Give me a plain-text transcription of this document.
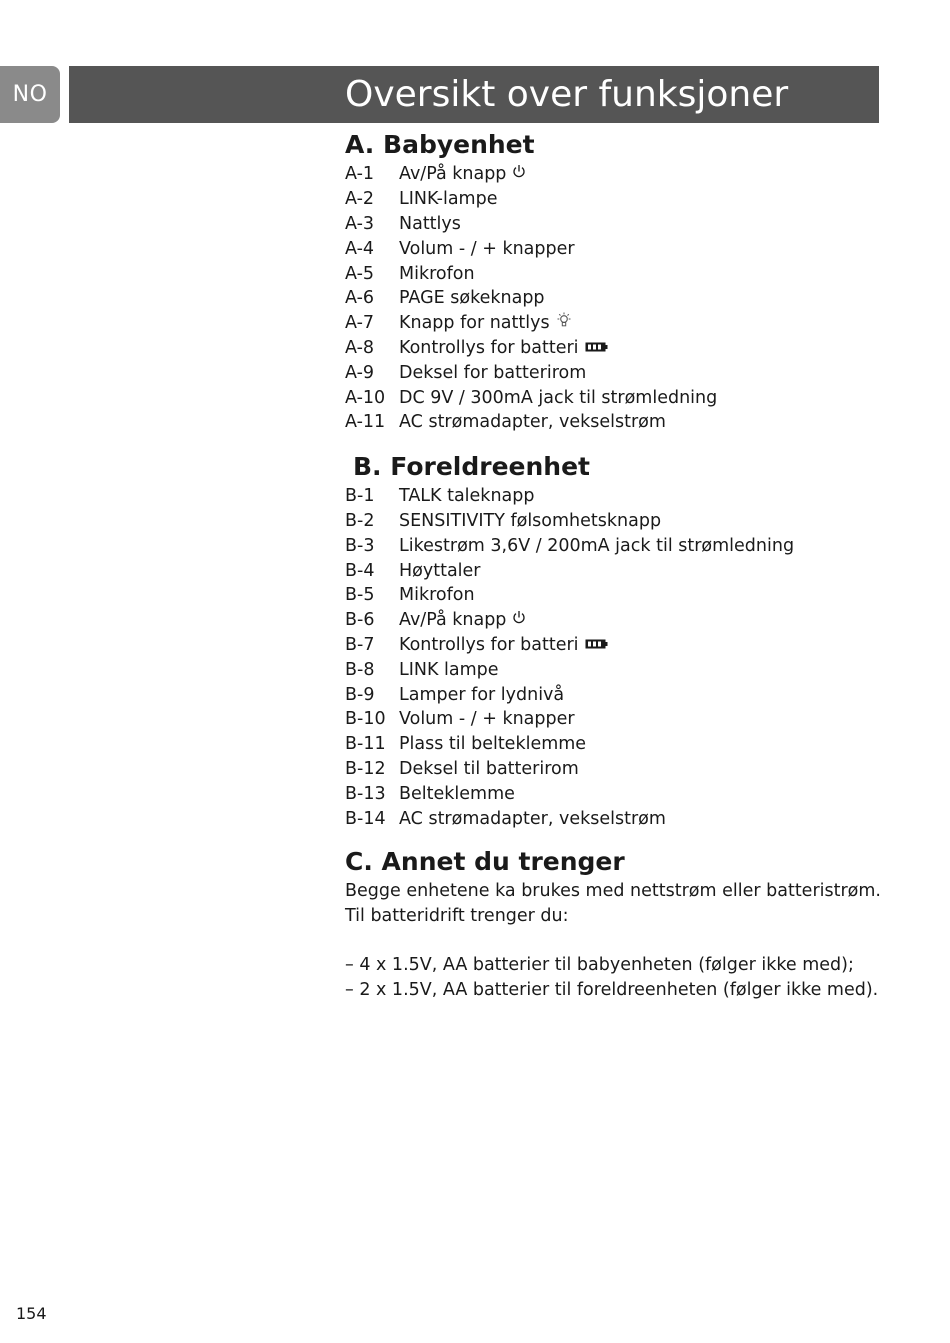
NO	Oversikt over funksjoner
A. Babyenhet
A-1	Av/På knapp
A-2	LINK-lampe
A-3	Nattlys
A-4	Volum - / + knapper
A-5	Mikrofon
A-6	PAGE søkeknapp
A-7	Knapp for nattlys
A-8	Kontrollys for batteri
A-9	Deksel for batterirom
A-10 DC 9V / 300mA jack til strømledning
A-11 AC strømadapter, vekselstrøm
B. Foreldreenhet
B-1	TALK taleknapp
B-2	SENSITIVITY følsomhetsknapp
B-3	Likestrøm 3,6V / 200mA jack til strømledning
B-4	Høyttaler
B-5	Mikrofon
B-6	Av/På knapp
B-7	Kontrollys for batteri
B-8	LINK lampe
B-9	Lamper for lydnivå
B-10 Volum - / + knapper
B-11 Plass til belteklemme
B-12 Deksel til batterirom
B-13 Belteklemme
B-14 AC strømadapter, vekselstrøm
C. Annet du trenger

Begge enhetene ka brukes med nettstrøm eller batteristrøm.

Til batteridrift trenger du:

– 4 x 1.5V, AA batterier til babyenheten (følger ikke med);

– 2 x 1.5V, AA batterier til foreldreenheten (følger ikke med).

154
